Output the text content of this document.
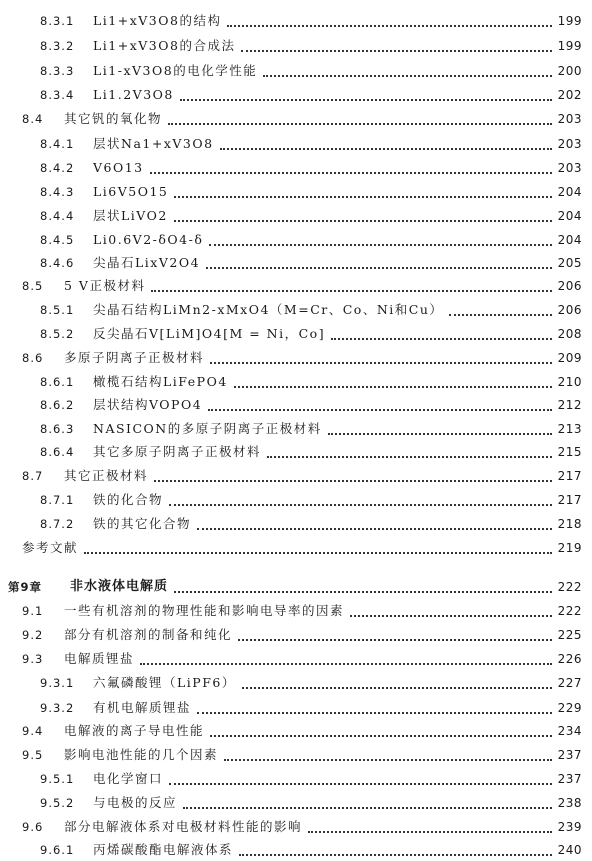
8.3.1 Li1+xV3O8的结构	199
8.3.2 Li1+xV3O8的合成法	199
8.3.3 Li1-xV3O8的电化学性能	200
8.3.4 Li1.2V3O8	202
8.4 其它钒的氧化物	203
8.4.1 层状Na1+xV3O8	203
8.4.2 V6O13	203
8.4.3 Li6V5O15	204
8.4.4 层状LiVO2	204
8.4.5 Li0.6V2-δO4-δ	204
8.4.6 尖晶石LixV2O4	205
8.5 5 V正极材料	206
8.5.1 尖晶石结构LiMn2-xMxO4（M=Cr、Co、Ni和Cu）	206
8.5.2 反尖晶石V[LiM]O4[M = Ni，Co]	208
8.6 多原子阴离子正极材料	209
8.6.1 橄榄石结构LiFePO4	210
8.6.2 层状结构VOPO4	212
8.6.3 NASICON的多原子阴离子正极材料	213
8.6.4 其它多原子阴离子正极材料	215
8.7 其它正极材料	217
8.7.1 铁的化合物	217
8.7.2 铁的其它化合物	218
参考文献	219
第9章 非水液体电解质	222
9.1 一些有机溶剂的物理性能和影响电导率的因素	222
9.2 部分有机溶剂的制备和纯化	225
9.3 电解质锂盐	226
9.3.1 六氟磷酸锂（LiPF6）	227
9.3.2 有机电解质锂盐	229
9.4 电解液的离子导电性能	234
9.5 影响电池性能的几个因素	237
9.5.1 电化学窗口	237
9.5.2 与电极的反应	238
9.6 部分电解液体系对电极材料性能的影响	239
9.6.1 丙烯碳酸酯电解液体系	240
